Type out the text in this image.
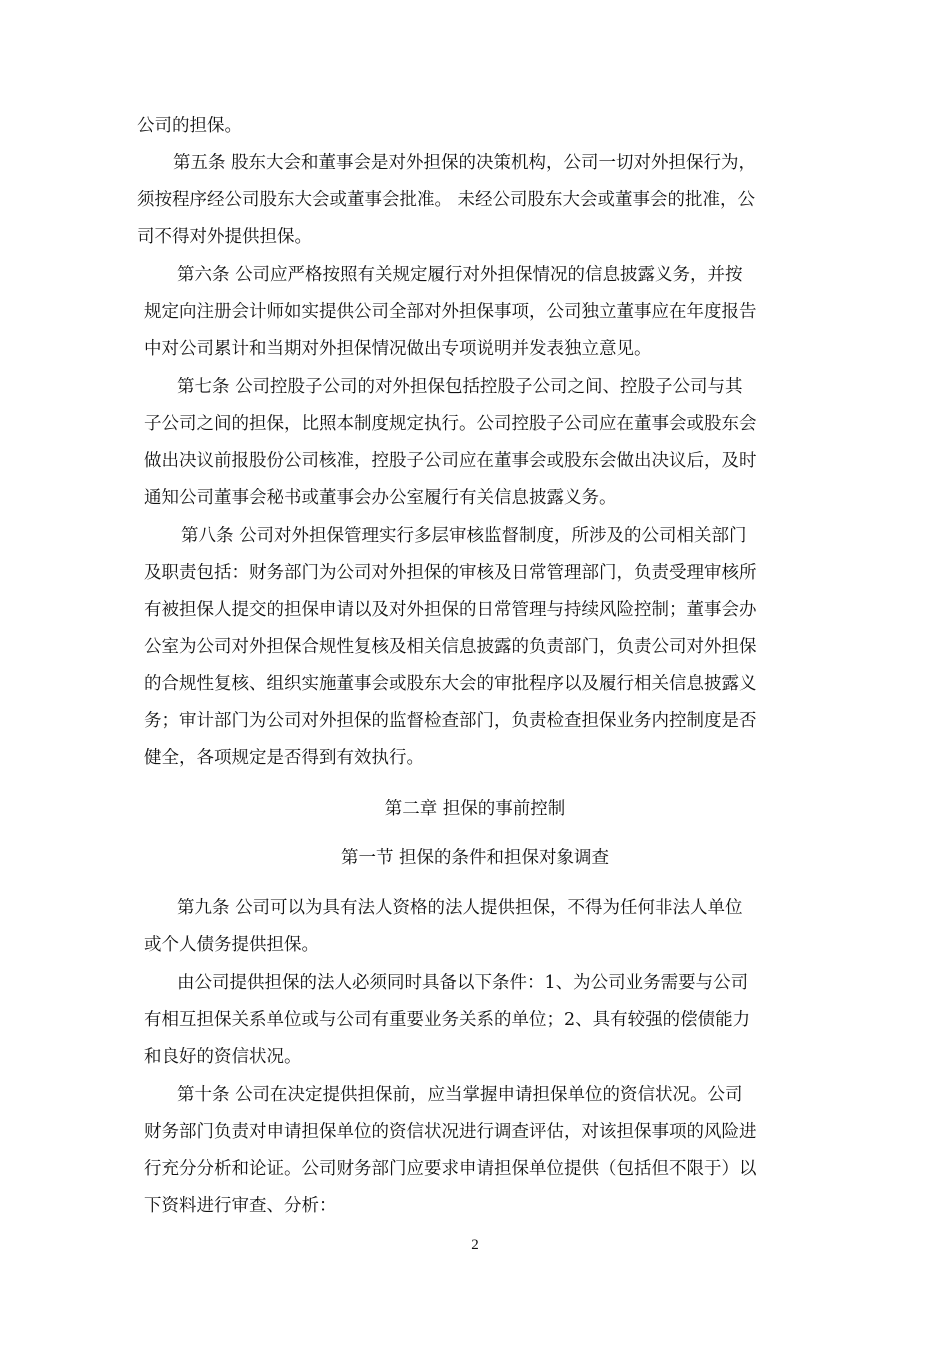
公司的担保。
第五条 股东大会和董事会是对外担保的决策机构，公司一切对外担保行为，
须按程序经公司股东大会或董事会批准。 未经公司股东大会或董事会的批准，公
司不得对外提供担保。
第六条 公司应严格按照有关规定履行对外担保情况的信息披露义务，并按
规定向注册会计师如实提供公司全部对外担保事项，公司独立董事应在年度报告
中对公司累计和当期对外担保情况做出专项说明并发表独立意见。
第七条 公司控股子公司的对外担保包括控股子公司之间、控股子公司与其
子公司之间的担保，比照本制度规定执行。公司控股子公司应在董事会或股东会
做出决议前报股份公司核准，控股子公司应在董事会或股东会做出决议后，及时
通知公司董事会秘书或董事会办公室履行有关信息披露义务。
第八条 公司对外担保管理实行多层审核监督制度，所涉及的公司相关部门
及职责包括：财务部门为公司对外担保的审核及日常管理部门，负责受理审核所
有被担保人提交的担保申请以及对外担保的日常管理与持续风险控制；董事会办
公室为公司对外担保合规性复核及相关信息披露的负责部门，负责公司对外担保
的合规性复核、组织实施董事会或股东大会的审批程序以及履行相关信息披露义
务；审计部门为公司对外担保的监督检查部门，负责检查担保业务内控制度是否
健全，各项规定是否得到有效执行。
第二章 担保的事前控制
第一节 担保的条件和担保对象调查
第九条 公司可以为具有法人资格的法人提供担保，不得为任何非法人单位
或个人债务提供担保。
由公司提供担保的法人必须同时具备以下条件：1、为公司业务需要与公司
有相互担保关系单位或与公司有重要业务关系的单位；2、具有较强的偿债能力
和良好的资信状况。
第十条 公司在决定提供担保前，应当掌握申请担保单位的资信状况。公司
财务部门负责对申请担保单位的资信状况进行调查评估，对该担保事项的风险进
行充分分析和论证。公司财务部门应要求申请担保单位提供（包括但不限于）以
下资料进行审查、分析：
2
